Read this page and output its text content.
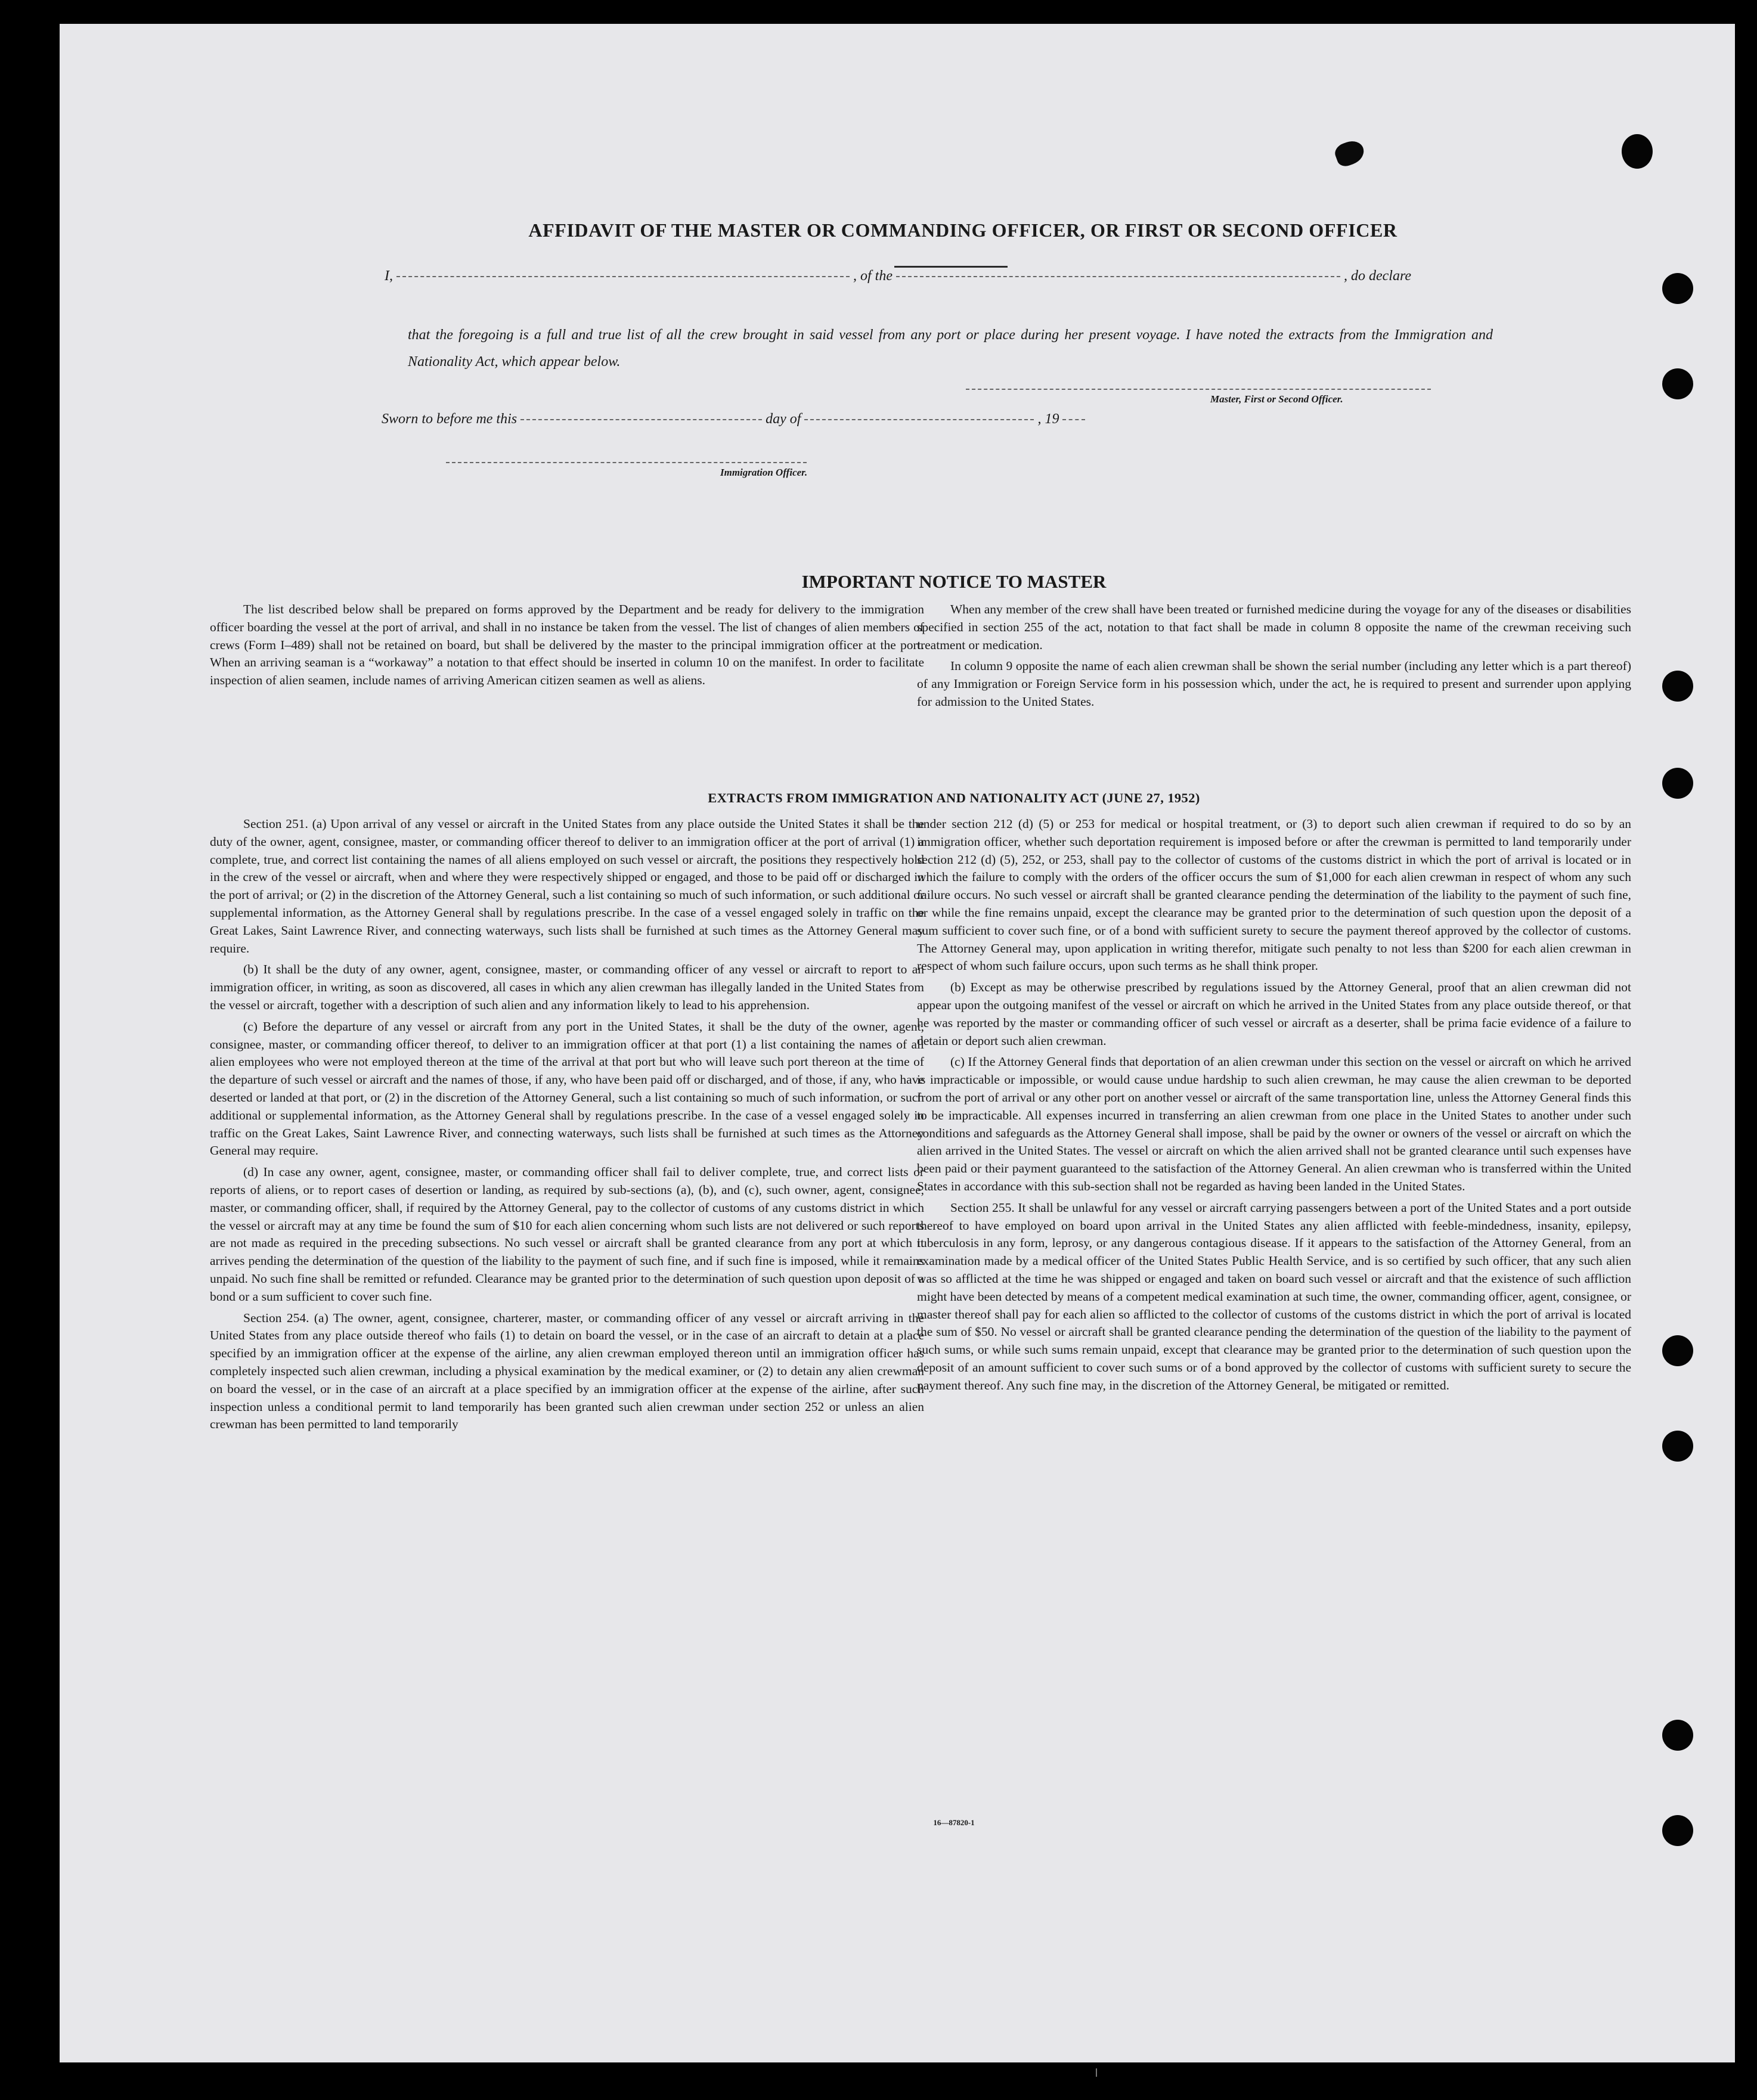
AFFIDAVIT OF THE MASTER OR COMMANDING OFFICER, OR FIRST OR SECOND OFFICER
I,	, of the	, do declare
that the foregoing is a full and true list of all the crew brought in said vessel from any port or place during her present voyage. I have noted the extracts from the Immigration and Nationality Act, which appear below.
Master, First or Second Officer.
Sworn to before me this	day of	, 19
Immigration Officer.
IMPORTANT NOTICE TO MASTER

The list described below shall be prepared on forms approved by the Department and be ready for delivery to the immigration officer boarding the vessel at the port of arrival, and shall in no instance be taken from the vessel. The list of changes of alien members of crews (Form I–489) shall not be retained on board, but shall be delivered by the master to the principal immigration officer at the port. When an arriving seaman is a “workaway” a notation to that effect should be inserted in column 10 on the manifest. In order to facilitate inspection of alien seamen, include names of arriving American citizen seamen as well as aliens.

When any member of the crew shall have been treated or furnished medicine during the voyage for any of the diseases or disabilities specified in section 255 of the act, notation to that fact shall be made in column 8 opposite the name of the crewman receiving such treatment or medication.

In column 9 opposite the name of each alien crewman shall be shown the serial number (including any letter which is a part thereof) of any Immigration or Foreign Service form in his possession which, under the act, he is required to present and surrender upon applying for admission to the United States.

EXTRACTS FROM IMMIGRATION AND NATIONALITY ACT (JUNE 27, 1952)

Section 251. (a) Upon arrival of any vessel or aircraft in the United States from any place outside the United States it shall be the duty of the owner, agent, consignee, master, or commanding officer thereof to deliver to an immigration officer at the port of arrival (1) a complete, true, and correct list containing the names of all aliens employed on such vessel or aircraft, the positions they respectively hold in the crew of the vessel or aircraft, when and where they were respectively shipped or engaged, and those to be paid off or discharged in the port of arrival; or (2) in the discretion of the Attorney General, such a list containing so much of such information, or such additional or supplemental information, as the Attorney General shall by regulations prescribe. In the case of a vessel engaged solely in traffic on the Great Lakes, Saint Lawrence River, and connecting waterways, such lists shall be furnished at such times as the Attorney General may require.

(b) It shall be the duty of any owner, agent, consignee, master, or commanding officer of any vessel or aircraft to report to an immigration officer, in writing, as soon as discovered, all cases in which any alien crewman has illegally landed in the United States from the vessel or aircraft, together with a description of such alien and any information likely to lead to his apprehension.

(c) Before the departure of any vessel or aircraft from any port in the United States, it shall be the duty of the owner, agent, consignee, master, or commanding officer thereof, to deliver to an immigration officer at that port (1) a list containing the names of all alien employees who were not employed thereon at the time of the arrival at that port but who will leave such port thereon at the time of the departure of such vessel or aircraft and the names of those, if any, who have been paid off or discharged, and of those, if any, who have deserted or landed at that port, or (2) in the discretion of the Attorney General, such a list containing so much of such information, or such additional or supplemental information, as the Attorney General shall by regulations prescribe. In the case of a vessel engaged solely in traffic on the Great Lakes, Saint Lawrence River, and connecting waterways, such lists shall be furnished at such times as the Attorney General may require.

(d) In case any owner, agent, consignee, master, or commanding officer shall fail to deliver complete, true, and correct lists or reports of aliens, or to report cases of desertion or landing, as required by sub-sections (a), (b), and (c), such owner, agent, consignee, master, or commanding officer, shall, if required by the Attorney General, pay to the collector of customs of any customs district in which the vessel or aircraft may at any time be found the sum of $10 for each alien concerning whom such lists are not delivered or such reports are not made as required in the preceding subsections. No such vessel or aircraft shall be granted clearance from any port at which it arrives pending the determination of the question of the liability to the payment of such fine, and if such fine is imposed, while it remains unpaid. No such fine shall be remitted or refunded. Clearance may be granted prior to the determination of such question upon deposit of a bond or a sum sufficient to cover such fine.

Section 254. (a) The owner, agent, consignee, charterer, master, or commanding officer of any vessel or aircraft arriving in the United States from any place outside thereof who fails (1) to detain on board the vessel, or in the case of an aircraft to detain at a place specified by an immigration officer at the expense of the airline, any alien crewman employed thereon until an immigration officer has completely inspected such alien crewman, including a physical examination by the medical examiner, or (2) to detain any alien crewman on board the vessel, or in the case of an aircraft at a place specified by an immigration officer at the expense of the airline, after such inspection unless a conditional permit to land temporarily has been granted such alien crewman under section 252 or unless an alien crewman has been permitted to land temporarily

under section 212 (d) (5) or 253 for medical or hospital treatment, or (3) to deport such alien crewman if required to do so by an immigration officer, whether such deportation requirement is imposed before or after the crewman is permitted to land temporarily under section 212 (d) (5), 252, or 253, shall pay to the collector of customs of the customs district in which the port of arrival is located or in which the failure to comply with the orders of the officer occurs the sum of $1,000 for each alien crewman in respect of whom any such failure occurs. No such vessel or aircraft shall be granted clearance pending the determination of the liability to the payment of such fine, or while the fine remains unpaid, except the clearance may be granted prior to the determination of such question upon the deposit of a sum sufficient to cover such fine, or of a bond with sufficient surety to secure the payment thereof approved by the collector of customs. The Attorney General may, upon application in writing therefor, mitigate such penalty to not less than $200 for each alien crewman in respect of whom such failure occurs, upon such terms as he shall think proper.

(b) Except as may be otherwise prescribed by regulations issued by the Attorney General, proof that an alien crewman did not appear upon the outgoing manifest of the vessel or aircraft on which he arrived in the United States from any place outside thereof, or that he was reported by the master or commanding officer of such vessel or aircraft as a deserter, shall be prima facie evidence of a failure to detain or deport such alien crewman.

(c) If the Attorney General finds that deportation of an alien crewman under this section on the vessel or aircraft on which he arrived is impracticable or impossible, or would cause undue hardship to such alien crewman, he may cause the alien crewman to be deported from the port of arrival or any other port on another vessel or aircraft of the same transportation line, unless the Attorney General finds this to be impracticable. All expenses incurred in transferring an alien crewman from one place in the United States to another under such conditions and safeguards as the Attorney General shall impose, shall be paid by the owner or owners of the vessel or aircraft on which the alien arrived in the United States. The vessel or aircraft on which the alien arrived shall not be granted clearance until such expenses have been paid or their payment guaranteed to the satisfaction of the Attorney General. An alien crewman who is transferred within the United States in accordance with this sub-section shall not be regarded as having been landed in the United States.

Section 255. It shall be unlawful for any vessel or aircraft carrying passengers between a port of the United States and a port outside thereof to have employed on board upon arrival in the United States any alien afflicted with feeble-mindedness, insanity, epilepsy, tuberculosis in any form, leprosy, or any dangerous contagious disease. If it appears to the satisfaction of the Attorney General, from an examination made by a medical officer of the United States Public Health Service, and is so certified by such officer, that any such alien was so afflicted at the time he was shipped or engaged and taken on board such vessel or aircraft and that the existence of such affliction might have been detected by means of a competent medical examination at such time, the owner, commanding officer, agent, consignee, or master thereof shall pay for each alien so afflicted to the collector of customs of the customs district in which the port of arrival is located the sum of $50. No vessel or aircraft shall be granted clearance pending the determination of the question of the liability to the payment of such sums, or while such sums remain unpaid, except that clearance may be granted prior to the determination of such question upon the deposit of an amount sufficient to cover such sums or of a bond approved by the collector of customs with sufficient surety to secure the payment thereof. Any such fine may, in the discretion of the Attorney General, be mitigated or remitted.

16—87820-1
